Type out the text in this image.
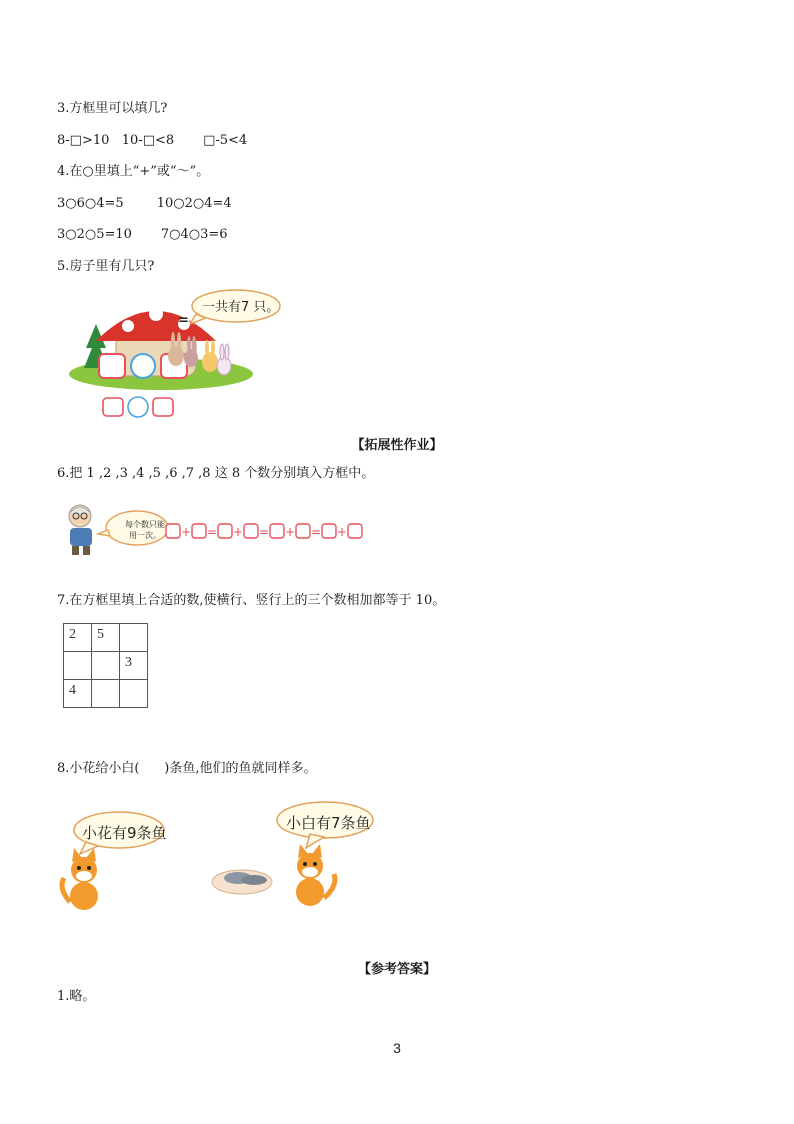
3.方框里可以填几?
8-□>10   10-□<8       □-5<4
4.在○里填上“+”或“～”。
3○6○4=5        10○2○4=4
3○2○5=10       7○4○3=6
5.房子里有几只?
=
一共有7 只。
【拓展性作业】
6.把 1 ,2 ,3 ,4 ,5 ,6 ,7 ,8 这 8 个数分别填入方框中。
每个数只能
用一次。	+ = + = + = +
7.在方框里填上合适的数,使横行、竖行上的三个数相加都等于 10。
2	5	

		3

4		

8.小花给小白(      )条鱼,他们的鱼就同样多。
小花有9条鱼
小白有7条鱼
【参考答案】
1.略。
3
